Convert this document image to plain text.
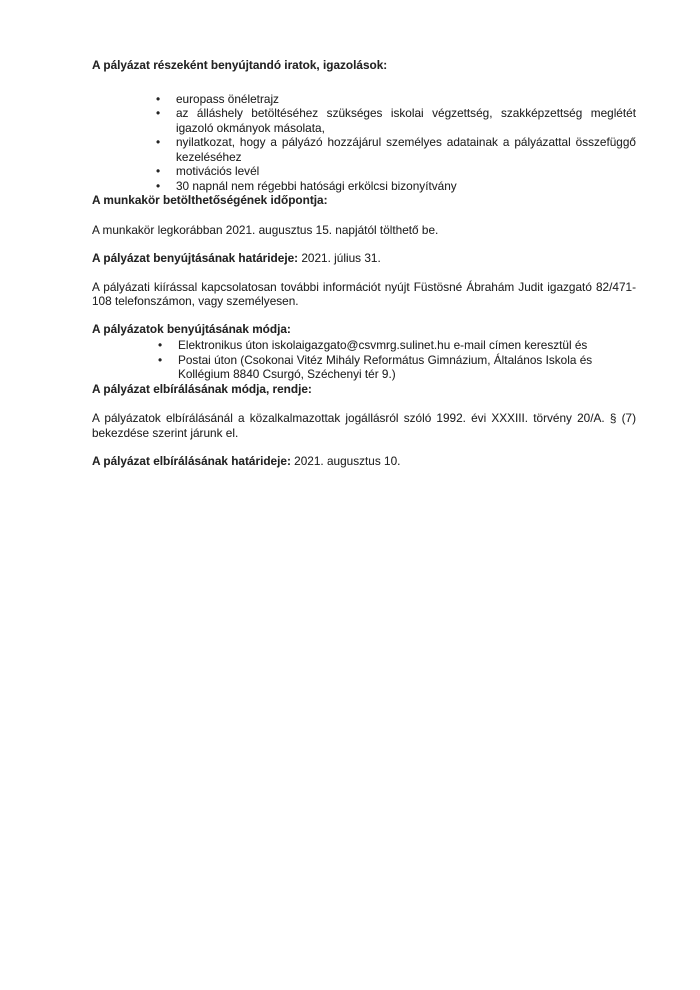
A pályázat részeként benyújtandó iratok, igazolások:

• europass önéletrajz
• az álláshely betöltéséhez szükséges iskolai végzettség, szakképzettség meglétét igazoló okmányok másolata,
• nyilatkozat, hogy a pályázó hozzájárul személyes adatainak a pályázattal összefüggő kezeléséhez
• motivációs levél
• 30 napnál nem régebbi hatósági erkölcsi bizonyítvány

A munkakör betölthetőségének időpontja:

A munkakör legkorábban 2021. augusztus 15. napjától tölthető be.

A pályázat benyújtásának határideje: 2021. július 31.

A pályázati kiírással kapcsolatosan további információt nyújt Füstösné Ábrahám Judit igazgató 82/471-108 telefonszámon, vagy személyesen.

A pályázatok benyújtásának módja:

• Elektronikus úton iskolaigazgato@csvmrg.sulinet.hu e-mail címen keresztül és
• Postai úton (Csokonai Vitéz Mihály Református Gimnázium, Általános Iskola és Kollégium 8840 Csurgó, Széchenyi tér 9.)

A pályázat elbírálásának módja, rendje:

A pályázatok elbírálásánál a közalkalmazottak jogállásról szóló 1992. évi XXXIII. törvény 20/A. § (7) bekezdése szerint járunk el.

A pályázat elbírálásának határideje: 2021. augusztus 10.
